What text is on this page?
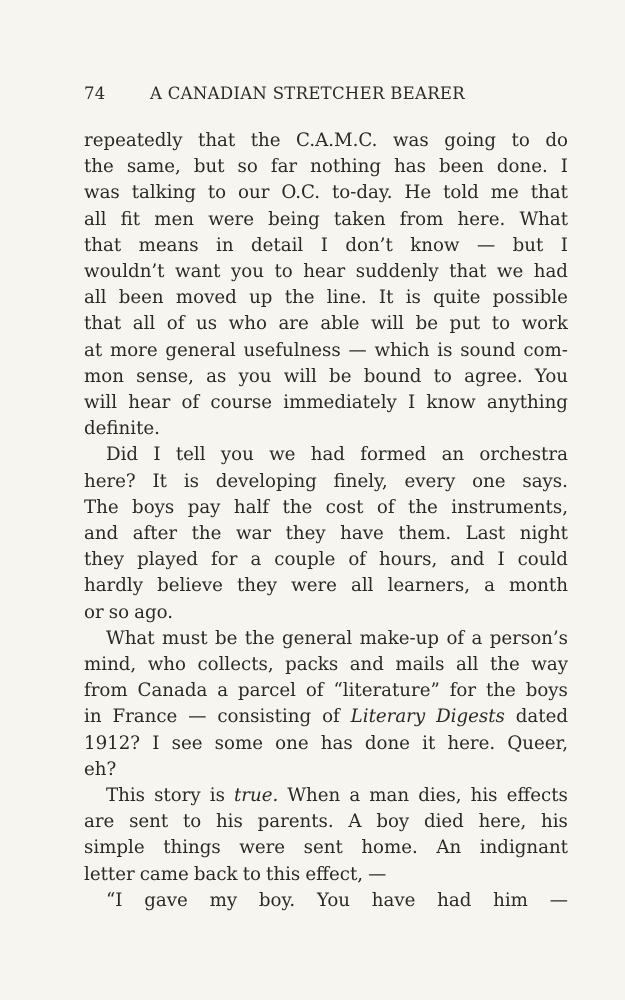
74	A CANADIAN STRETCHER BEARER
repeatedly that the C.A.M.C. was going to do
the same, but so far nothing has been done. I
was talking to our O.C. to-day. He told me that
all fit men were being taken from here. What
that means in detail I don’t know — but I
wouldn’t want you to hear suddenly that we had
all been moved up the line. It is quite possible
that all of us who are able will be put to work
at more general usefulness — which is sound com-
mon sense, as you will be bound to agree. You
will hear of course immediately I know anything
definite.
Did I tell you we had formed an orchestra
here? It is developing finely, every one says.
The boys pay half the cost of the instruments,
and after the war they have them. Last night
they played for a couple of hours, and I could
hardly believe they were all learners, a month
or so ago.
What must be the general make-up of a person’s
mind, who collects, packs and mails all the way
from Canada a parcel of “literature” for the boys
in France — consisting of Literary Digests dated
1912? I see some one has done it here. Queer,
eh?
This story is true. When a man dies, his effects
are sent to his parents. A boy died here, his
simple things were sent home. An indignant
letter came back to this effect, —
“I gave my boy. You have had him —
